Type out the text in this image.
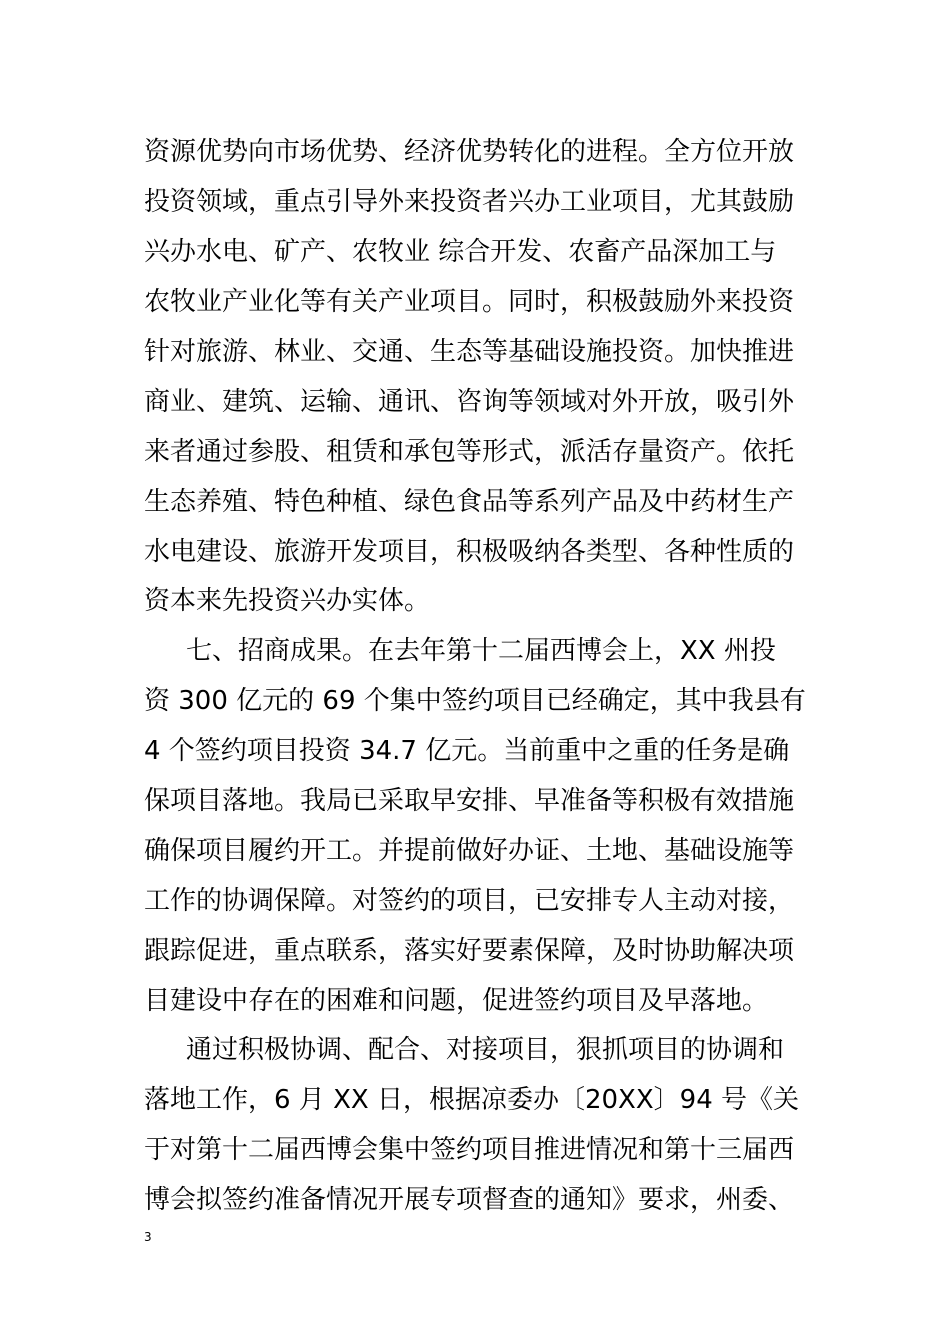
资源优势向市场优势、经济优势转化的进程。全方位开放
投资领域，重点引导外来投资者兴办工业项目，尤其鼓励
兴办水电、矿产、农牧业 综合开发、农畜产品深加工与
农牧业产业化等有关产业项目。同时，积极鼓励外来投资
针对旅游、林业、交通、生态等基础设施投资。加快推进
商业、建筑、运输、通讯、咨询等领域对外开放，吸引外
来者通过参股、租赁和承包等形式，派活存量资产。依托
生态养殖、特色种植、绿色食品等系列产品及中药材生产
水电建设、旅游开发项目，积极吸纳各类型、各种性质的
资本来先投资兴办实体。
七、招商成果。在去年第十二届西博会上，XX 州投
资 300 亿元的 69 个集中签约项目已经确定，其中我县有
4 个签约项目投资 34.7 亿元。当前重中之重的任务是确
保项目落地。我局已采取早安排、早准备等积极有效措施
确保项目履约开工。并提前做好办证、土地、基础设施等
工作的协调保障。对签约的项目，已安排专人主动对接，
跟踪促进，重点联系，落实好要素保障，及时协助解决项
目建设中存在的困难和问题，促进签约项目及早落地。
通过积极协调、配合、对接项目，狠抓项目的协调和
落地工作，6 月 XX 日，根据凉委办〔20XX〕94 号《关
于对第十二届西博会集中签约项目推进情况和第十三届西
博会拟签约准备情况开展专项督查的通知》要求，州委、
3
